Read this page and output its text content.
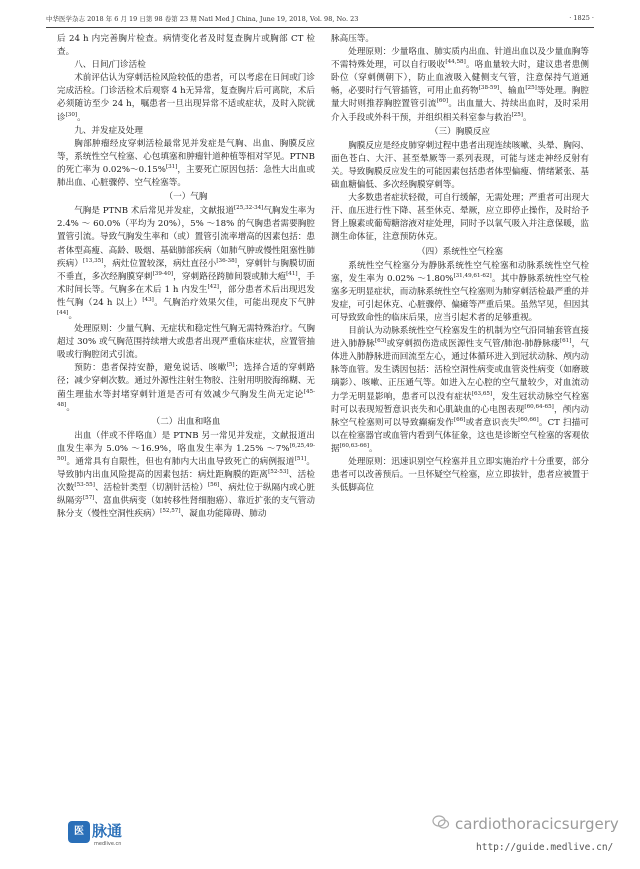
中华医学杂志 2018 年 6 月 19 日第 98 卷第 23 期 Natl Med J China, June 19, 2018, Vol. 98, No. 23	· 1825 ·

后 24 h 内完善胸片检查。病情变化者及时复查胸片或胸部 CT 检查。

八、日间/门诊活检

术前评估认为穿刺活检风险较低的患者，可以考虑在日间或门诊完成活检。门诊活检术后观察 4 h无异常，复查胸片后可离院，术后必须随访至少 24 h，嘱患者一旦出现异常不适或症状，及时入院就诊[30]。

九、并发症及处理

胸部肿瘤经皮穿刺活检最常见并发症是气胸、出血、胸膜反应等，系统性空气栓塞、心包填塞和肿瘤针道种植等相对罕见。PTNB 的死亡率为 0.02%～0.15%[31]，主要死亡原因包括：急性大出血或肺出血、心脏骤停、空气栓塞等。

（一）气胸

气胸是 PTNB 术后常见并发症，文献报道[25,32-34]气胸发生率为 2.4% ～ 60.0%（平均为 20%），5% ～18% 的气胸患者需要胸腔置管引流。导致气胸发生率和（或）置管引流率增高的因素包括：患者体型高瘦、高龄、吸烟、基础肺部疾病（如肺气肿或慢性阻塞性肺疾病）[13,35]，病灶位置较深，病灶直径小[36-38]，穿刺针与胸膜切面不垂直，多次经胸膜穿刺[39-40]，穿刺路径跨肺间裂或肺大疱[41]，手术时间长等。气胸多在术后 1 h 内发生[42]，部分患者术后出现迟发性气胸（24 h 以上）[43]。气胸治疗效果欠佳，可能出现皮下气肿[44]。

处理原则：少量气胸、无症状和稳定性气胸无需特殊治疗。气胸超过 30% 或气胸范围持续增大或患者出现严重临床症状，应置管抽吸或行胸腔闭式引流。

预防：患者保持安静，避免说话、咳嗽[5]；选择合适的穿刺路径；减少穿刺次数。通过外源性注射生物胶、注射用明胶海绵糊、无菌生理盐水等封堵穿刺针道是否可有效减少气胸发生尚无定论[45-48]。

（二）出血和咯血

出血（伴或不伴咯血）是 PTNB 另一常见并发症，文献报道出血发生率为 5.0% ～16.9%，咯血发生率为 1.25% ～7%[6,25,49-50]。通常具有自限性，但也有肺内大出血导致死亡的病例报道[51]。导致肺内出血风险提高的因素包括：病灶距胸膜的距离[52-53]、活检次数[53-55]、活检针类型（切割针活检）[56]、病灶位于纵隔内或心脏纵隔旁[57]、富血供病变（如转移性肾细胞癌）、靠近扩张的支气管动脉分支（慢性空洞性疾病）[52,57]、凝血功能障碍、肺动

脉高压等。

处理原则：少量咯血、肺实质内出血、针道出血以及少量血胸等不需特殊处理，可以自行吸收[44,58]。咯血量较大时，建议患者患侧卧位（穿刺侧朝下），防止血液吸入健侧支气管，注意保持气道通畅，必要时行气管插管，可用止血药物[38-59]、输血[25]等处理。胸腔量大时则推荐胸腔置管引流[60]。出血量大、持续出血时，及时采用介入手段或外科干预，并组织相关科室参与救治[25]。

（三）胸膜反应

胸膜反应是经皮肺穿刺过程中患者出现连续咳嗽、头晕、胸闷、面色苍白、大汗、甚至晕厥等一系列表现，可能与迷走神经反射有关。导致胸膜反应发生的可能因素包括患者体型偏瘦、情绪紧张、基础血糖偏低、多次经胸膜穿刺等。

大多数患者症状轻微，可自行缓解，无需处理；严重者可出现大汗、血压进行性下降、甚至休克、晕厥，应立即停止操作，及时给予肾上腺素或葡萄糖溶液对症处理，同时予以氧气吸入并注意保暖，监测生命体征，注意预防休克。

（四）系统性空气栓塞

系统性空气栓塞分为静脉系统性空气栓塞和动脉系统性空气栓塞，发生率为 0.02% ～1.80%[31,49,61-62]。其中静脉系统性空气栓塞多无明显症状，而动脉系统性空气栓塞则为肺穿刺活检最严重的并发症，可引起休克、心脏骤停、偏瘫等严重后果。虽然罕见，但因其可导致致命性的临床后果，应当引起术者的足够重视。

目前认为动脉系统性空气栓塞发生的机制为空气沿同轴套管直接进入肺静脉[63]或穿刺损伤造成医源性支气管/肺泡-肺静脉瘘[61]，气体进入肺静脉进而回流至左心，通过体循环进入到冠状动脉、颅内动脉等血管。发生诱因包括：活检空洞性病变或血管炎性病变（如磨玻璃影）、咳嗽、正压通气等。如进入左心腔的空气量较少，对血流动力学无明显影响，患者可以没有症状[63,65]，发生冠状动脉空气栓塞时可以表现短暂意识丧失和心肌缺血的心电图表现[60,64-65]，颅内动脉空气栓塞则可以导致癫痫发作[66]或者意识丧失[60,66]。CT 扫描可以在栓塞器官或血管内看到气体征象，这也是诊断空气栓塞的客观依据[60,63-66]。

处理原则：迅速识别空气栓塞并且立即实施治疗十分重要，部分患者可以改善预后。一旦怀疑空气栓塞，应立即拔针，患者应被置于头低脚高位

医 脉通
medlive.cn
cardiothoracicsurgery
http://guide.medlive.cn/
